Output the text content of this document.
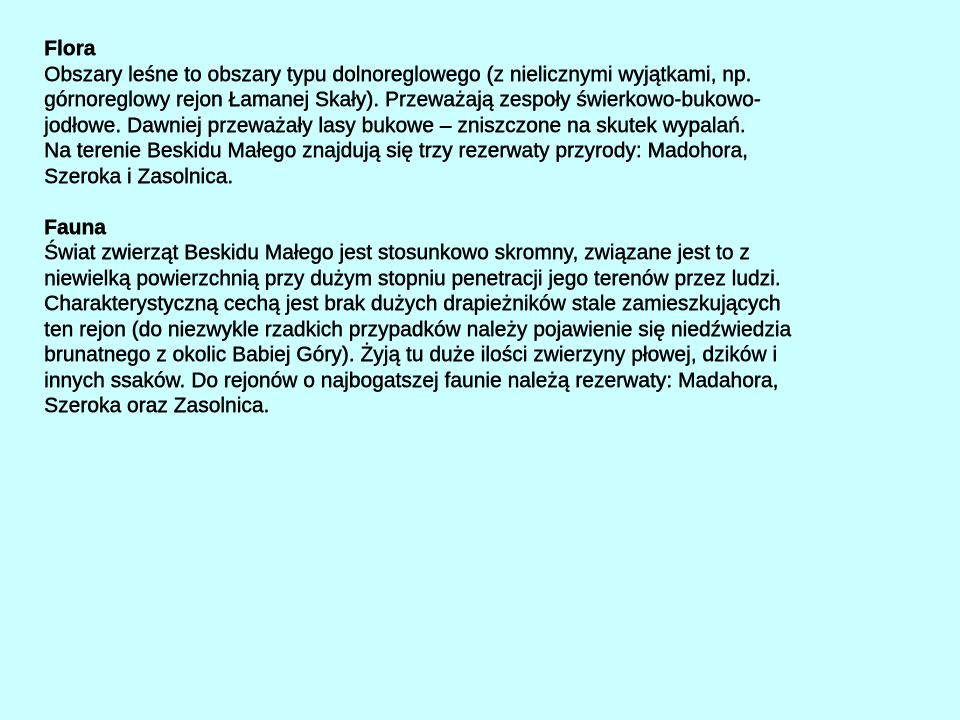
Flora
Obszary leśne to obszary typu dolnoreglowego (z nielicznymi wyjątkami, np.
górnoreglowy rejon Łamanej Skały). Przeważają zespoły świerkowo-bukowo-
jodłowe. Dawniej przeważały lasy bukowe – zniszczone na skutek wypalań.
Na terenie Beskidu Małego znajdują się trzy rezerwaty przyrody: Madohora,
Szeroka i Zasolnica.
Fauna
Świat zwierząt Beskidu Małego jest stosunkowo skromny, związane jest to z
niewielką powierzchnią przy dużym stopniu penetracji jego terenów przez ludzi.
Charakterystyczną cechą jest brak dużych drapieżników stale zamieszkujących
ten rejon (do niezwykle rzadkich przypadków należy pojawienie się niedźwiedzia
brunatnego z okolic Babiej Góry). Żyją tu duże ilości zwierzyny płowej, dzików i
innych ssaków. Do rejonów o najbogatszej faunie należą rezerwaty: Madahora,
Szeroka oraz Zasolnica.
